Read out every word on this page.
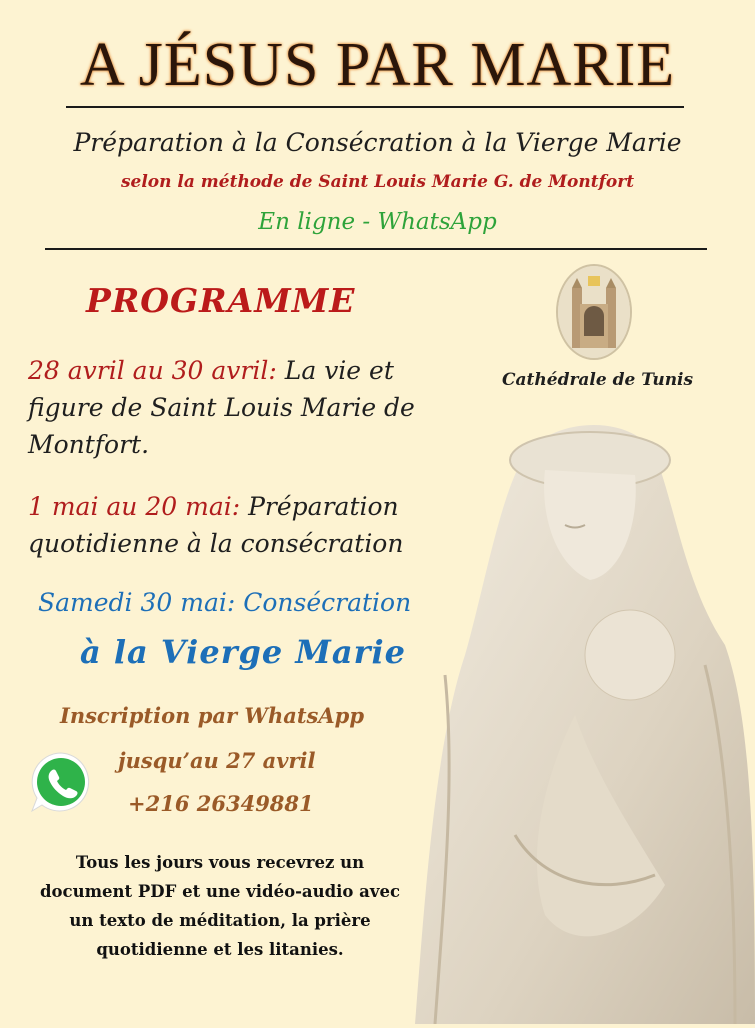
A JÉSUS PAR MARIE
Préparation à la Consécration à la Vierge Marie
selon la méthode de Saint Louis Marie G. de Montfort
En ligne - WhatsApp
PROGRAMME
28 avril au 30 avril: La vie et figure de Saint Louis Marie de Montfort.
1 mai au 20 mai: Préparation quotidienne à la consécration
Samedi 30 mai: Consécration
à la Vierge Marie
Inscription par WhatsApp
jusqu’au 27 avril
+216 26349881
Tous les jours vous recevrez un document PDF et une vidéo-audio avec un texto de méditation, la prière quotidienne et les litanies.
Cathédrale de Tunis
